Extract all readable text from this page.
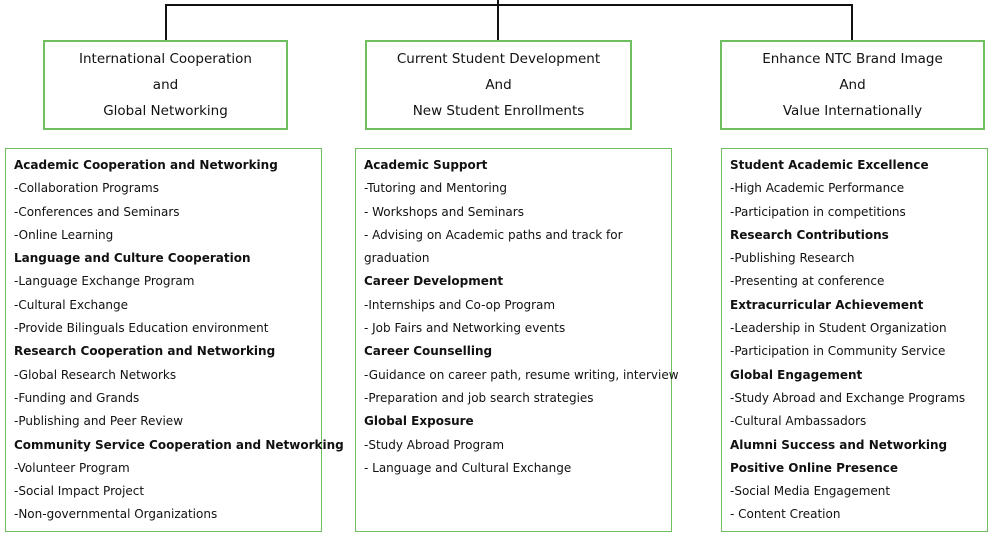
International Cooperation
and
Global Networking
Current Student Development
And
New Student Enrollments
Enhance NTC Brand Image
And
Value Internationally
Academic Cooperation and Networking
-Collaboration Programs
-Conferences and Seminars
-Online Learning
Language and Culture Cooperation
-Language Exchange Program
-Cultural Exchange
-Provide Bilinguals Education environment
Research Cooperation and Networking
-Global Research Networks
-Funding and Grands
-Publishing and Peer Review
Community Service Cooperation and Networking
-Volunteer Program
-Social Impact Project
-Non-governmental Organizations
Academic Support
-Tutoring and Mentoring
- Workshops and Seminars
- Advising on Academic paths and track for
graduation
Career Development
-Internships and Co-op Program
- Job Fairs and Networking events
Career Counselling
-Guidance on career path, resume writing, interview
-Preparation and job search strategies
Global Exposure
-Study Abroad Program
- Language and Cultural Exchange
Student Academic Excellence
-High Academic Performance
-Participation in competitions
Research Contributions
-Publishing Research
-Presenting at conference
Extracurricular Achievement
-Leadership in Student Organization
-Participation in Community Service
Global Engagement
-Study Abroad and Exchange Programs
-Cultural Ambassadors
Alumni Success and Networking
Positive Online Presence
-Social Media Engagement
- Content Creation
